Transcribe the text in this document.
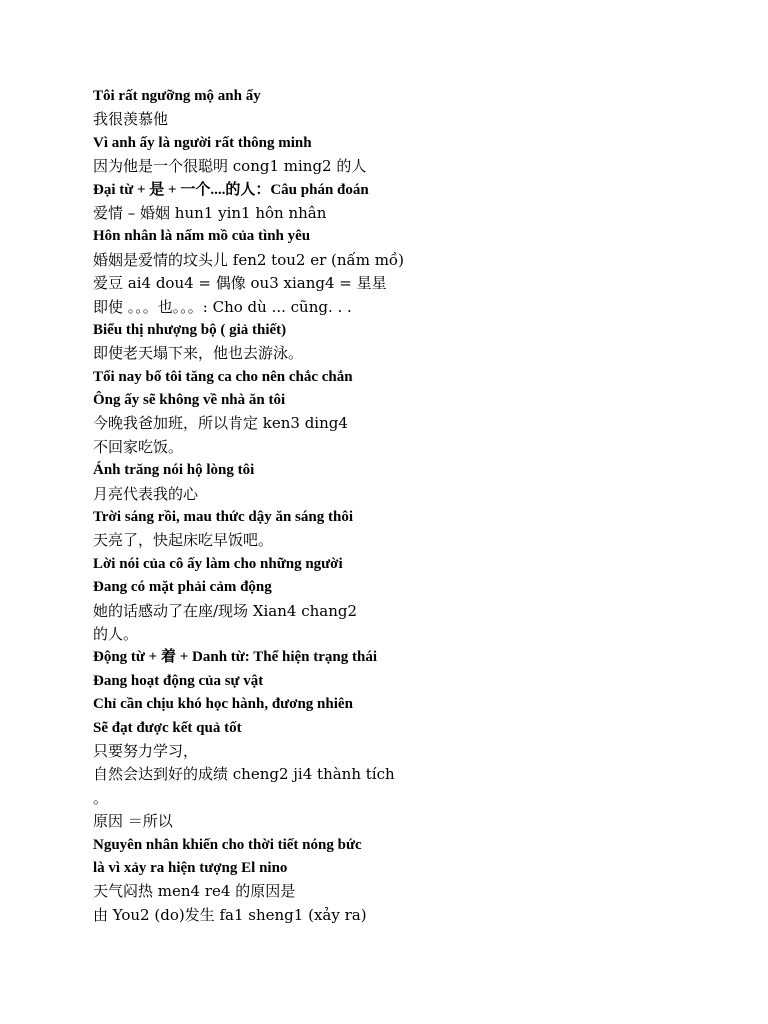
Tôi rất ngưỡng mộ anh ấy
我很羡慕他
Vì anh ấy là người rất thông minh
因为他是一个很聪明 cong1 ming2 的人
Đại từ + 是 + 一个....的人：Câu phán đoán
爱情 – 婚姻 hun1 yin1 hôn nhân
Hôn nhân là nấm mồ của tình yêu
婚姻是爱情的坟头儿 fen2 tou2 er (nấm mồ)
爱豆 ai4 dou4 = 偶像 ou3 xiang4 = 星星
即使 。。。也。。。: Cho dù ... cũng. . .
Biểu thị nhượng bộ ( giả thiết)
即使老天塌下来，他也去游泳。
Tối nay bố tôi tăng ca cho nên chắc chắn
Ông ấy sẽ không về nhà ăn tôi
今晚我爸加班，所以肯定 ken3 ding4
不回家吃饭。
Ánh trăng nói hộ lòng tôi
月亮代表我的心
Trời sáng rồi, mau thức dậy ăn sáng thôi
天亮了，快起床吃早饭吧。
Lời nói của cô ấy làm cho những người
Đang có mặt phải cảm động
她的话感动了在座/现场 Xian4 chang2
的人。
Động từ + 着 + Danh từ: Thể hiện trạng thái
Đang hoạt động của sự vật
Chỉ cần chịu khó học hành, đương nhiên
Sẽ đạt được kết quả tốt
只要努力学习，
自然会达到好的成绩 cheng2 ji4 thành tích
。
原因 ＝所以
Nguyên nhân khiến cho thời tiết nóng bức
là vì xảy ra hiện tượng El nino
天气闷热 men4 re4 的原因是
由 You2 (do)发生 fa1 sheng1 (xảy ra)
